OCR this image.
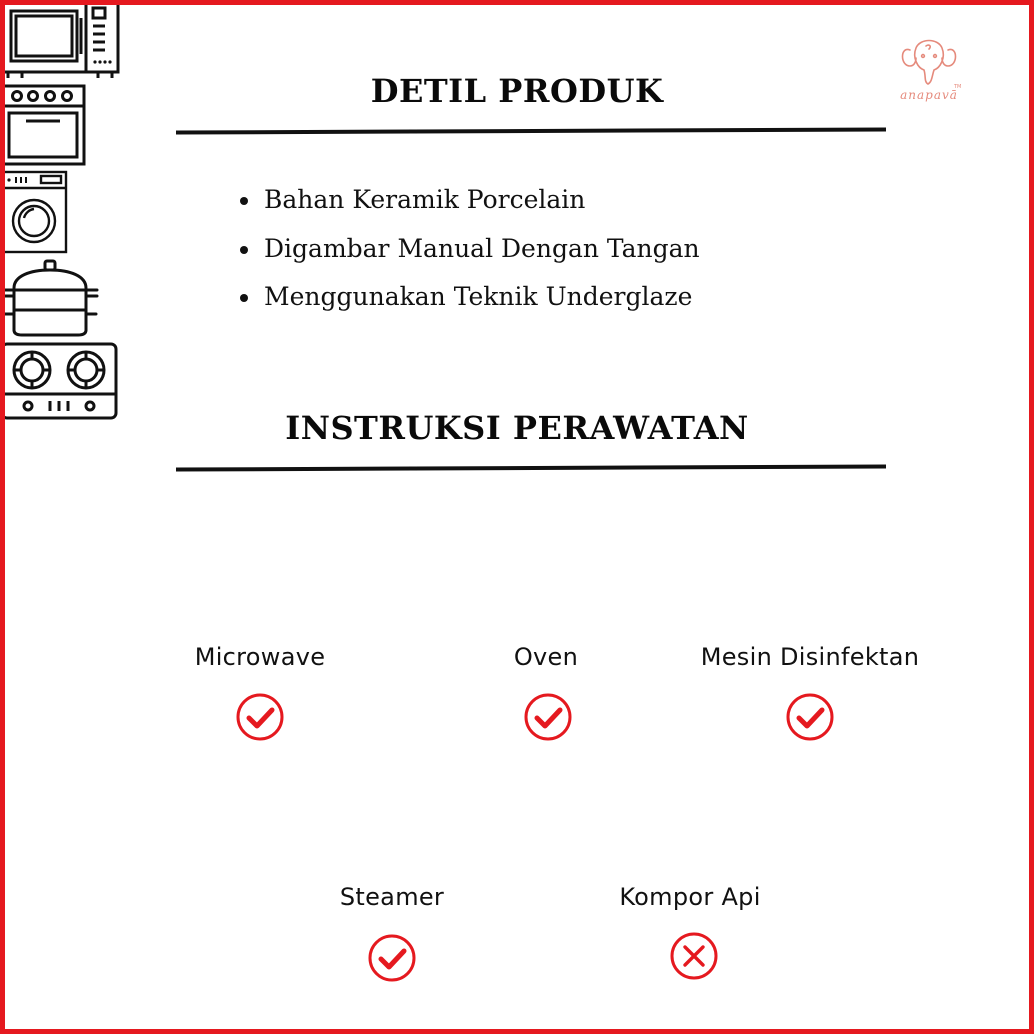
anapavā
TM
DETIL PRODUK
Bahan Keramik Porcelain
Digambar Manual Dengan Tangan
Menggunakan Teknik Underglaze
INSTRUKSI PERAWATAN
Microwave	Oven	Mesin Disinfektan
Steamer	Kompor Api
